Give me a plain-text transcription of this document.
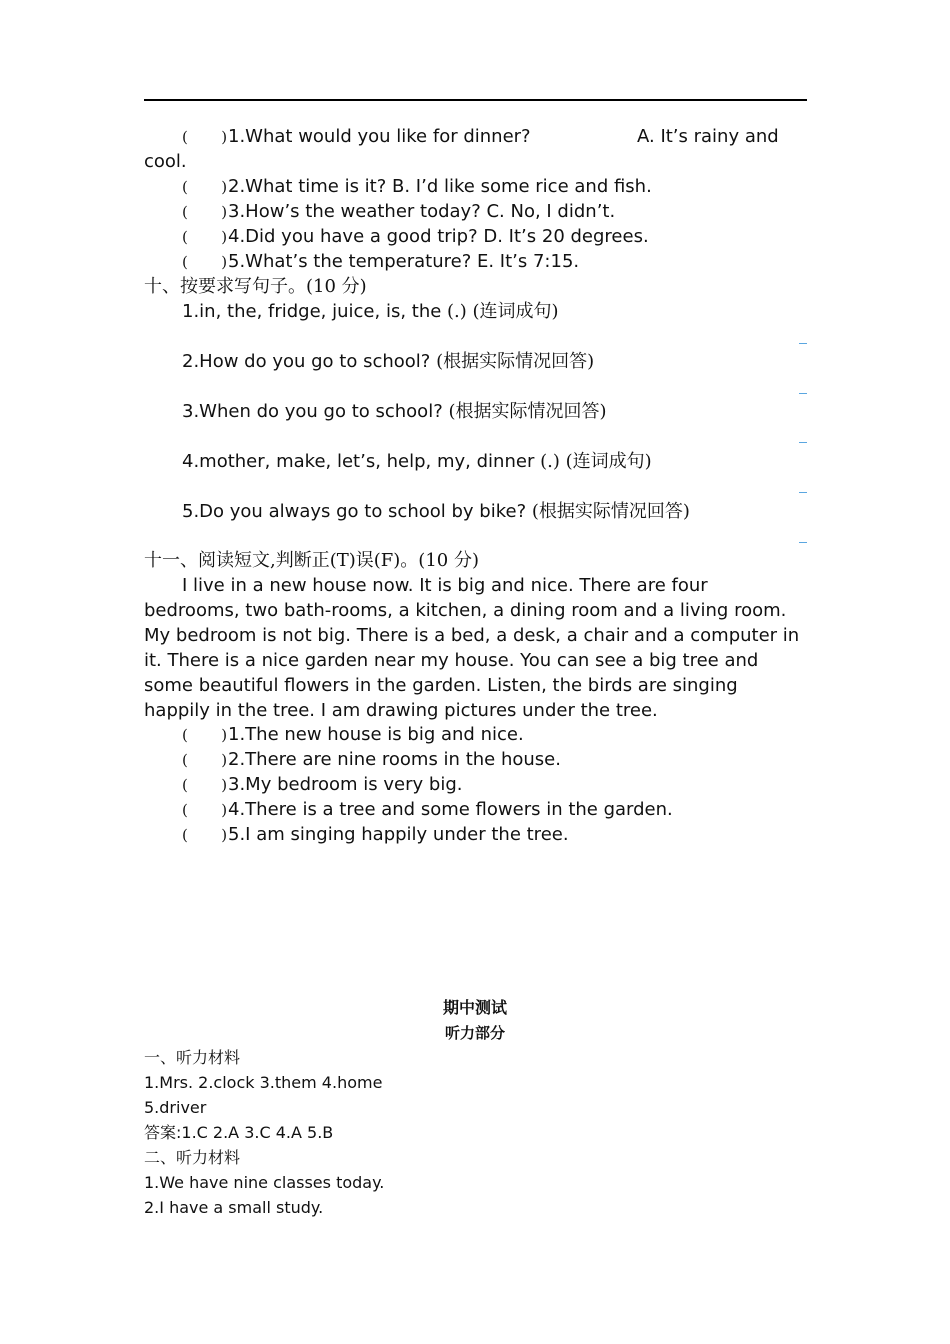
( )1.What would you like for dinner?	A. It’s rainy and
cool.
( )2.What time is it? B. I’d like some rice and fish.
( )3.How’s the weather today? C. No, I didn’t.
( )4.Did you have a good trip? D. It’s 20 degrees.
( )5.What’s the temperature? E. It’s 7:15.
十、按要求写句子。(10 分)
1.in, the, fridge, juice, is, the (.) (连词成句)
2.How do you go to school? (根据实际情况回答)
3.When do you go to school? (根据实际情况回答)
4.mother, make, let’s, help, my, dinner (.) (连词成句)
5.Do you always go to school by bike? (根据实际情况回答)
十一、阅读短文,判断正(T)误(F)。(10 分)
I live in a new house now. It is big and nice. There are four bedrooms, two bath-rooms, a kitchen, a dining room and a living room. My bedroom is not big. There is a bed, a desk, a chair and a computer in it. There is a nice garden near my house. You can see a big tree and some beautiful flowers in the garden. Listen, the birds are singing happily in the tree. I am drawing pictures under the tree.
( )1.The new house is big and nice.
( )2.There are nine rooms in the house.
( )3.My bedroom is very big.
( )4.There is a tree and some flowers in the garden.
( )5.I am singing happily under the tree.
期中测试
听力部分
一、听力材料
1.Mrs. 2.clock 3.them 4.home
5.driver
答案:1.C 2.A 3.C 4.A 5.B
二、听力材料
1.We have nine classes today.
2.I have a small study.
